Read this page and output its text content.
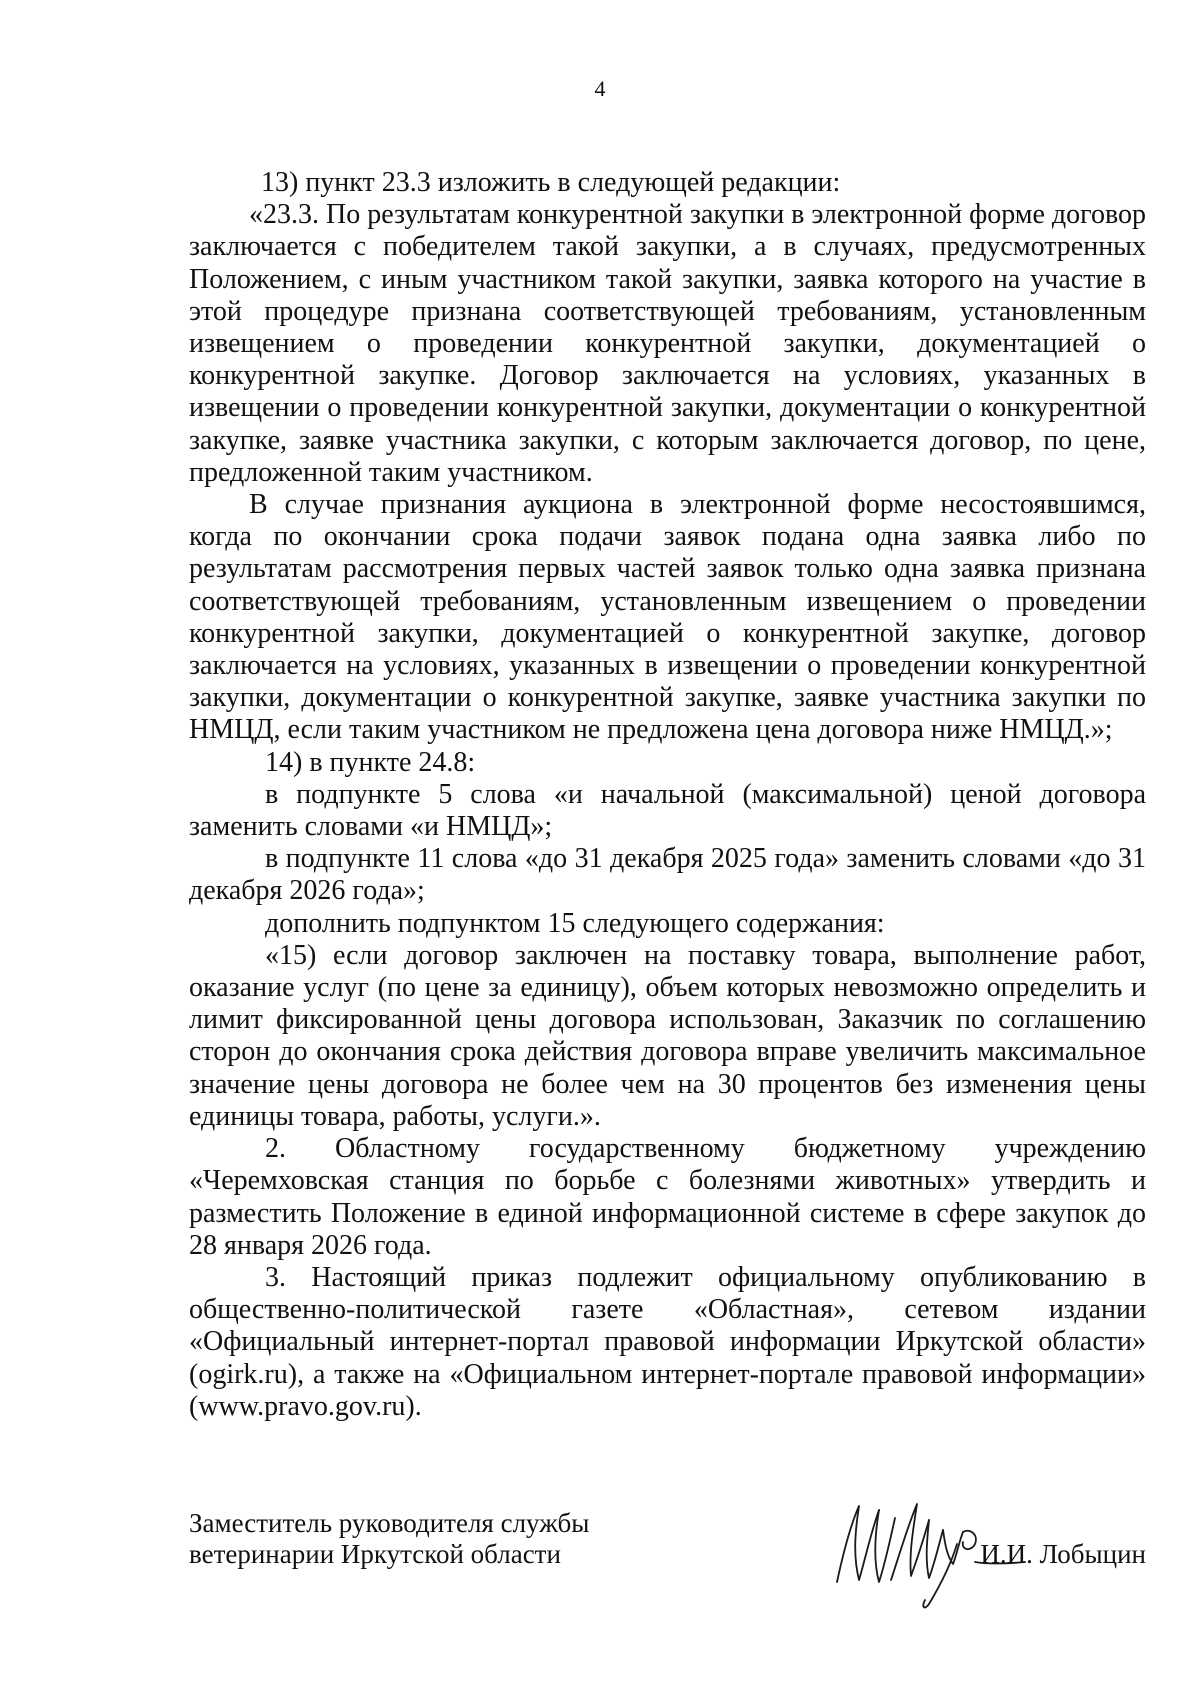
4

13) пункт 23.3 изложить в следующей редакции:

«23.3. По результатам конкурентной закупки в электронной форме договор заключается с победителем такой закупки, а в случаях, предусмотренных Положением, с иным участником такой закупки, заявка которого на участие в этой процедуре признана соответствующей требованиям, установленным извещением о проведении конкурентной закупки, документацией о конкурентной закупке. Договор заключается на условиях, указанных в извещении о проведении конкурентной закупки, документации о конкурентной закупке, заявке участника закупки, с которым заключается договор, по цене, предложенной таким участником.

В случае признания аукциона в электронной форме несостоявшимся, когда по окончании срока подачи заявок подана одна заявка либо по результатам рассмотрения первых частей заявок только одна заявка признана соответствующей требованиям, установленным извещением о проведении конкурентной закупки, документацией о конкурентной закупке, договор заключается на условиях, указанных в извещении о проведении конкурентной закупки, документации о конкурентной закупке, заявке участника закупки по НМЦД, если таким участником не предложена цена договора ниже НМЦД.»;

14) в пункте 24.8:

в подпункте 5 слова «и начальной (максимальной) ценой договора заменить словами «и НМЦД»;

в подпункте 11 слова «до 31 декабря 2025 года» заменить словами «до 31 декабря 2026 года»;

дополнить подпунктом 15 следующего содержания:

«15) если договор заключен на поставку товара, выполнение работ, оказание услуг (по цене за единицу), объем которых невозможно определить и лимит фиксированной цены договора использован, Заказчик по соглашению сторон до окончания срока действия договора вправе увеличить максимальное значение цены договора не более чем на 30 процентов без изменения цены единицы товара, работы, услуги.».

2. Областному государственному бюджетному учреждению «Черемховская станция по борьбе с болезнями животных» утвердить и разместить Положение в единой информационной системе в сфере закупок до 28 января 2026 года.

3. Настоящий приказ подлежит официальному опубликованию в общественно-политической газете «Областная», сетевом издании «Официальный интернет-портал правовой информации Иркутской области» (ogirk.ru), а также на «Официальном интернет-портале правовой информации» (www.pravo.gov.ru).

Заместитель руководителя службы
ветеринарии Иркутской области	И.И. Лобыцин
